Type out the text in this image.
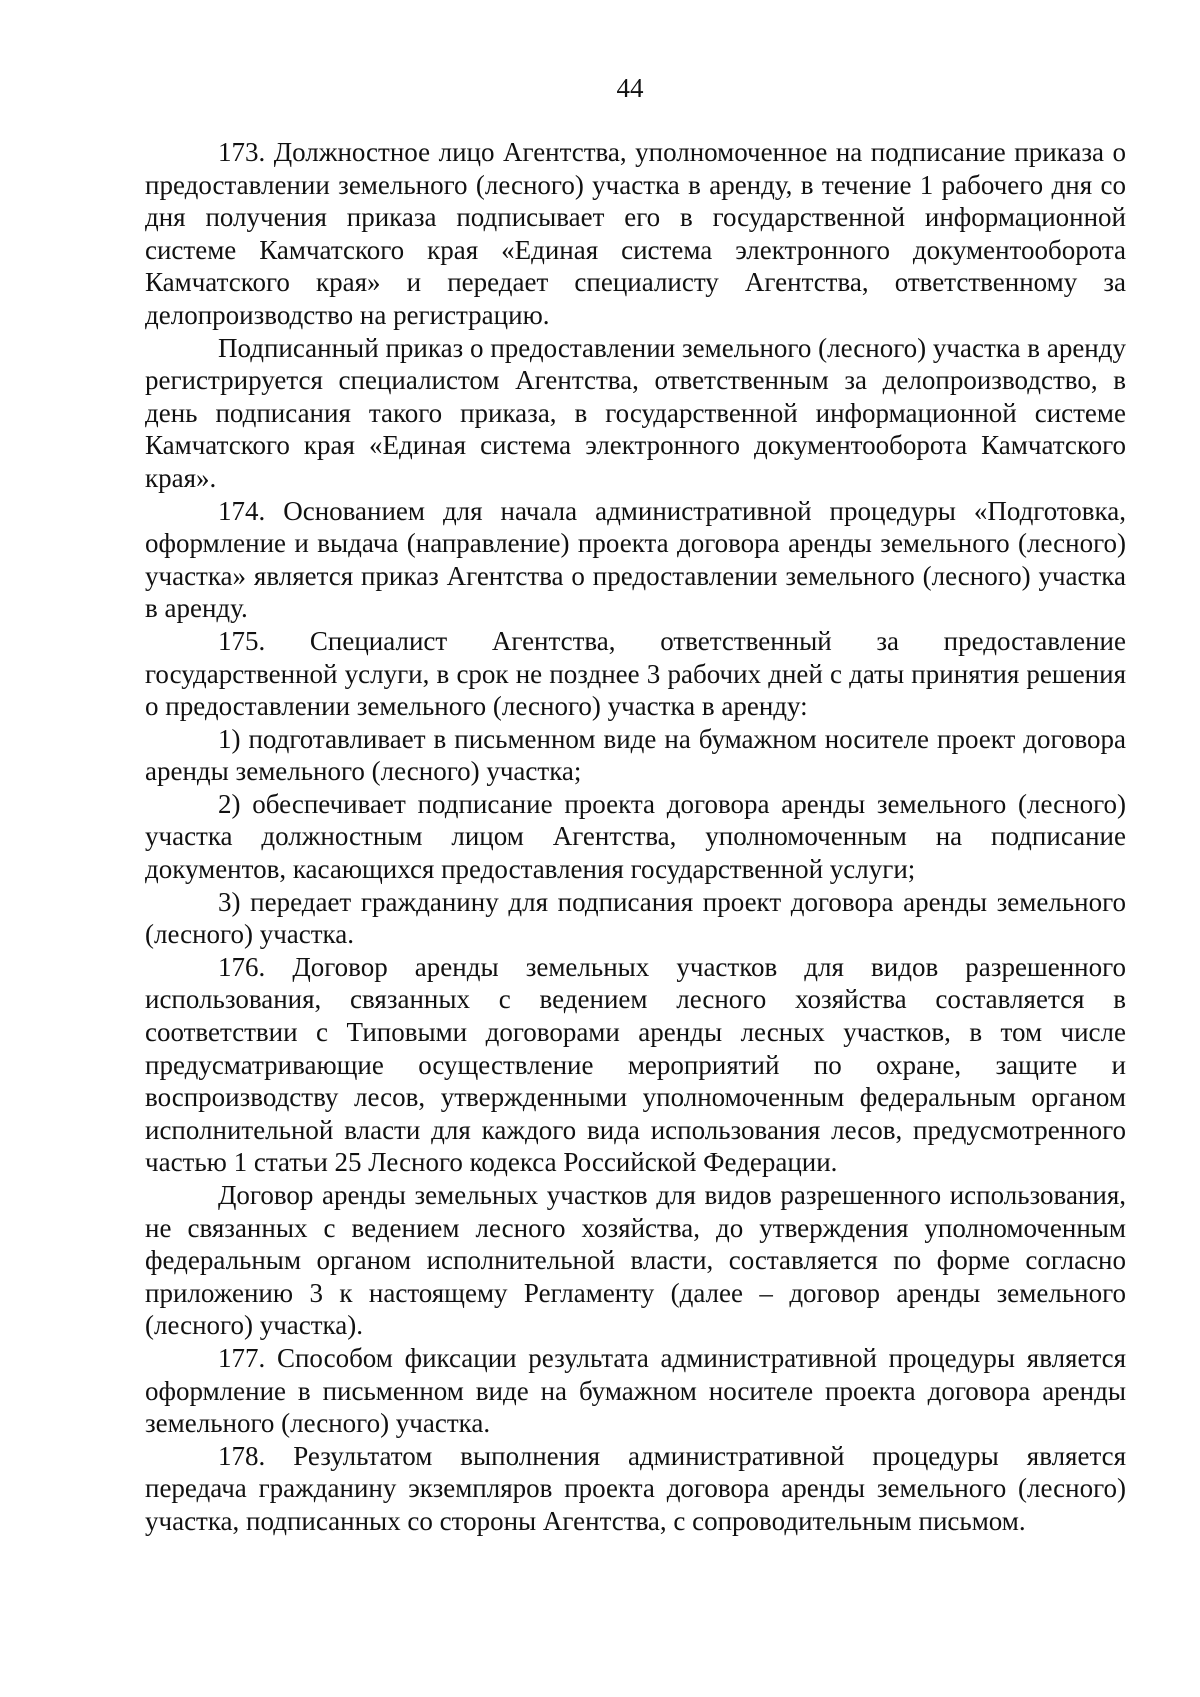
44

173. Должностное лицо Агентства, уполномоченное на подписание приказа о предоставлении земельного (лесного) участка в аренду, в течение 1 рабочего дня со дня получения приказа подписывает его в государственной информационной системе Камчатского края «Единая система электронного документооборота Камчатского края» и передает специалисту Агентства, ответственному за делопроизводство на регистрацию.

Подписанный приказ о предоставлении земельного (лесного) участка в аренду регистрируется специалистом Агентства, ответственным за делопроизводство, в день подписания такого приказа, в государственной информационной системе Камчатского края «Единая система электронного документооборота Камчатского края».

174. Основанием для начала административной процедуры «Подготовка, оформление и выдача (направление) проекта договора аренды земельного (лесного) участка» является приказ Агентства о предоставлении земельного (лесного) участка в аренду.

175. Специалист Агентства, ответственный за предоставление государственной услуги, в срок не позднее 3 рабочих дней с даты принятия решения о предоставлении земельного (лесного) участка в аренду:

1) подготавливает в письменном виде на бумажном носителе проект договора аренды земельного (лесного) участка;

2) обеспечивает подписание проекта договора аренды земельного (лесного) участка должностным лицом Агентства, уполномоченным на подписание документов, касающихся предоставления государственной услуги;

3) передает гражданину для подписания проект договора аренды земельного (лесного) участка.

176. Договор аренды земельных участков для видов разрешенного использования, связанных с ведением лесного хозяйства составляется в соответствии с Типовыми договорами аренды лесных участков, в том числе предусматривающие осуществление мероприятий по охране, защите и воспроизводству лесов, утвержденными уполномоченным федеральным органом исполнительной власти для каждого вида использования лесов, предусмотренного частью 1 статьи 25 Лесного кодекса Российской Федерации.

Договор аренды земельных участков для видов разрешенного использования, не связанных с ведением лесного хозяйства, до утверждения уполномоченным федеральным органом исполнительной власти, составляется по форме согласно приложению 3 к настоящему Регламенту (далее – договор аренды земельного (лесного) участка).

177. Способом фиксации результата административной процедуры является оформление в письменном виде на бумажном носителе проекта договора аренды земельного (лесного) участка.

178. Результатом выполнения административной процедуры является передача гражданину экземпляров проекта договора аренды земельного (лесного) участка, подписанных со стороны Агентства, с сопроводительным письмом.
